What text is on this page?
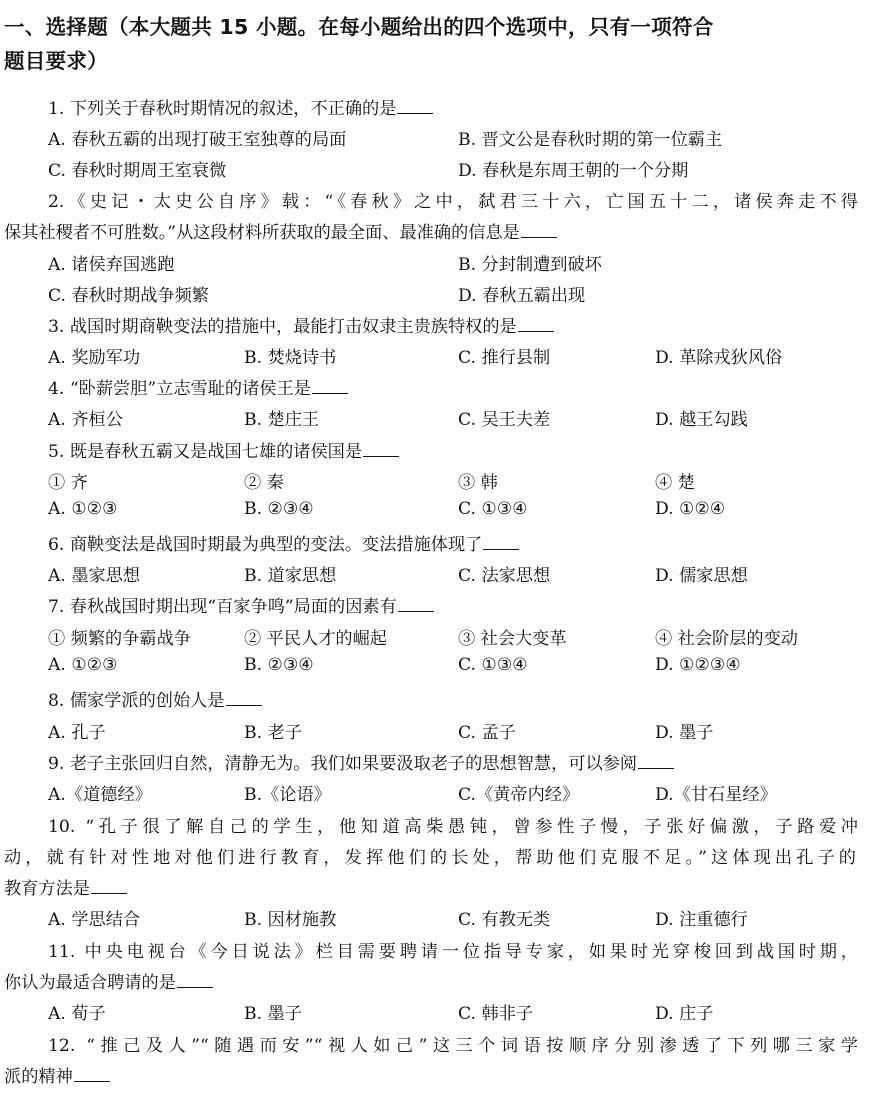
一、选择题（本大题共 15 小题。在每小题给出的四个选项中，只有一项符合
题目要求）
1. 下列关于春秋时期情况的叙述，不正确的是
A. 春秋五霸的出现打破王室独尊的局面	B. 晋文公是春秋时期的第一位霸主
C. 春秋时期周王室衰微	D. 春秋是东周王朝的一个分期
2.《史记・太史公自序》载：“《春秋》之中，弑君三十六，亡国五十二，诸侯奔走不得
保其社稷者不可胜数。”从这段材料所获取的最全面、最准确的信息是
A. 诸侯弃国逃跑	B. 分封制遭到破坏
C. 春秋时期战争频繁	D. 春秋五霸出现
3. 战国时期商鞅变法的措施中，最能打击奴隶主贵族特权的是
A. 奖励军功	B. 焚烧诗书	C. 推行县制	D. 革除戎狄风俗
4. “卧薪尝胆”立志雪耻的诸侯王是
A. 齐桓公	B. 楚庄王	C. 吴王夫差	D. 越王勾践
5. 既是春秋五霸又是战国七雄的诸侯国是
① 齐	② 秦	③ 韩	④ 楚
A. ①②③	B. ②③④	C. ①③④	D. ①②④
6. 商鞅变法是战国时期最为典型的变法。变法措施体现了
A. 墨家思想	B. 道家思想	C. 法家思想	D. 儒家思想
7. 春秋战国时期出现“百家争鸣”局面的因素有
① 频繁的争霸战争	② 平民人才的崛起	③ 社会大变革	④ 社会阶层的变动
A. ①②③	B. ②③④	C. ①③④	D. ①②③④
8. 儒家学派的创始人是
A. 孔子	B. 老子	C. 孟子	D. 墨子
9. 老子主张回归自然，清静无为。我们如果要汲取老子的思想智慧，可以参阅
A.《道德经》	B.《论语》	C.《黄帝内经》	D.《甘石星经》
10. “孔子很了解自己的学生，他知道高柴愚钝，曾参性子慢，子张好偏激，子路爱冲
动，就有针对性地对他们进行教育，发挥他们的长处，帮助他们克服不足。”这体现出孔子的
教育方法是
A. 学思结合	B. 因材施教	C. 有教无类	D. 注重德行
11. 中央电视台《今日说法》栏目需要聘请一位指导专家，如果时光穿梭回到战国时期，
你认为最适合聘请的是
A. 荀子	B. 墨子	C. 韩非子	D. 庄子
12. “推己及人”“随遇而安”“视人如己”这三个词语按顺序分别渗透了下列哪三家学
派的精神
